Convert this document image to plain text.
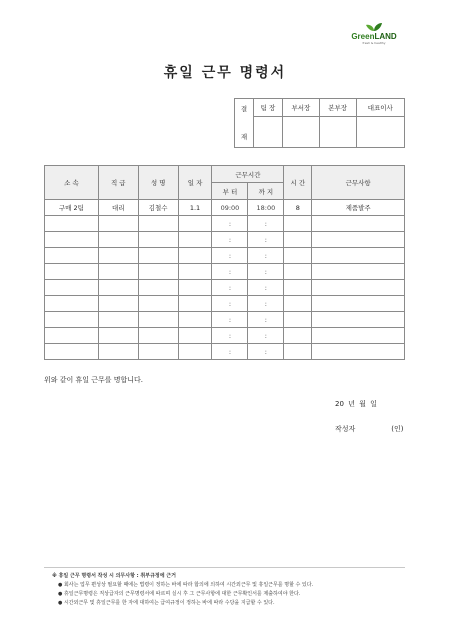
GreenLAND
fresh & healthy
휴일 근무 명령서
결
재	팀 장	부서장	본부장	대표이사

소 속	직 급	성 명	일 자	근무시간		시 간	근무사항
				부 터	까 지		
구매 2팀	대리	김철수	1.1	09:00	18:00	8	제품발주
				:	:		
				:	:		
				:	:		
				:	:		
				:	:		
				:	:		
				:	:		
				:	:		
				:	:		
위와 같이 휴일 근무를 명합니다.
20 년 월 일
작성자	(인)
※ 휴일 근무 명령서 작성 시 의무사항 : 취부규정에 근거
● 회사는 업무 편성상 필요할 때에는 법령이 정하는 바에 따라 합의에 의하여 시간외근무 및 휴일근무를 명할 수 있다.
● 휴일근무명령은 직상급자의 근무명령서에 따르며 실시 후 그 근무사항에 대한 근무확인서를 제출하여야 한다.
● 시간외근무 및 휴일근무를 한 자에 대하여는 급여규정이 정하는 바에 따라 수당을 지급할 수 있다.
